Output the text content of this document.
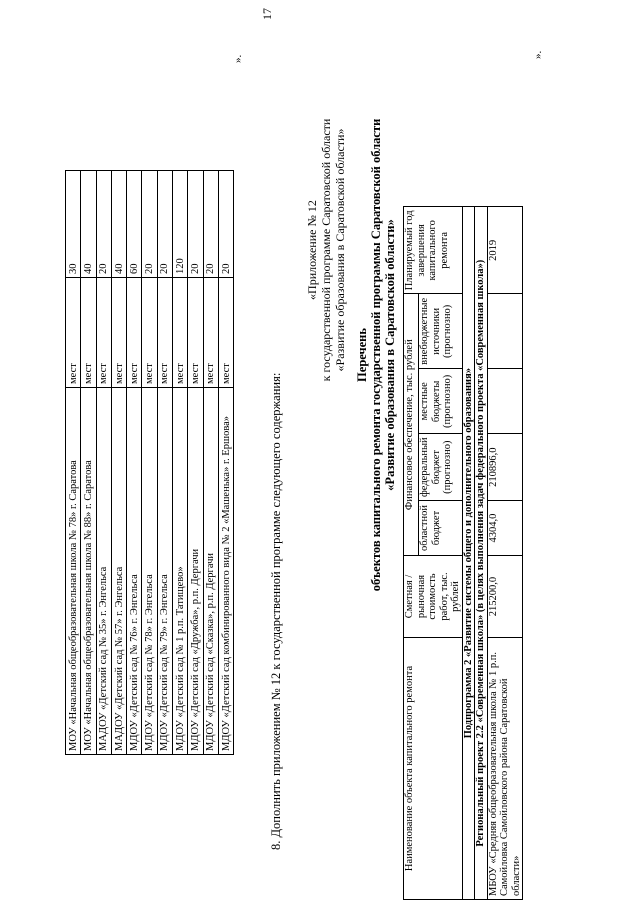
17
МОУ «Начальная общеобразовательная школа № 78» г. Саратова	мест	30
МОУ «Начальная общеобразовательная школа № 88» г. Саратова	мест	40
МАДОУ «Детский сад № 35» г. Энгельса	мест	20
МАДОУ «Детский сад № 57» г. Энгельса	мест	40
МДОУ «Детский сад № 76» г. Энгельса	мест	60
МДОУ «Детский сад № 78» г. Энгельса	мест	20
МДОУ «Детский сад № 79» г. Энгельса	мест	20
МДОУ «Детский сад № 1 р.п. Татищево»	мест	120
МДОУ «Детский сад «Дружба», р.п. Дергачи	мест	20
МДОУ «Детский сад «Сказка», р.п. Дергачи	мест	20
МДОУ «Детский сад комбинированного вида № 2 «Машенька» г. Ершова»	мест	20
».
8. Дополнить приложением № 12 к государственной программе следующего содержания:
«Приложение № 12 к государственной программе Саратовской области «Развитие образования в Саратовской области» Перечень объектов капитального ремонта государственной программы Саратовской области «Развитие образования в Саратовской области»
Наименование объекта капитального ремонта	Сметная / рыночная стоимость работ, тыс. рублей	Финансовое обеспечение, тыс. рублей				Планируемый год завершения капитального ремонта
		областной бюджет	федеральный бюджет (прогнозно)	местные бюджеты (прогнозно)	внебюджетные источники (прогнозно)	
Подпрограмма 2 «Развитие системы общего и дополнительного образования»						
Региональный проект 2.2 «Современная школа» (в целях выполнения задач федерального проекта «Современная школа»)						
МБОУ «Средняя общеобразовательная школа № 1 р.п. Самойловка Самойловского района Саратовской области»	215200,0	4304,0	210896,0			2019
».
